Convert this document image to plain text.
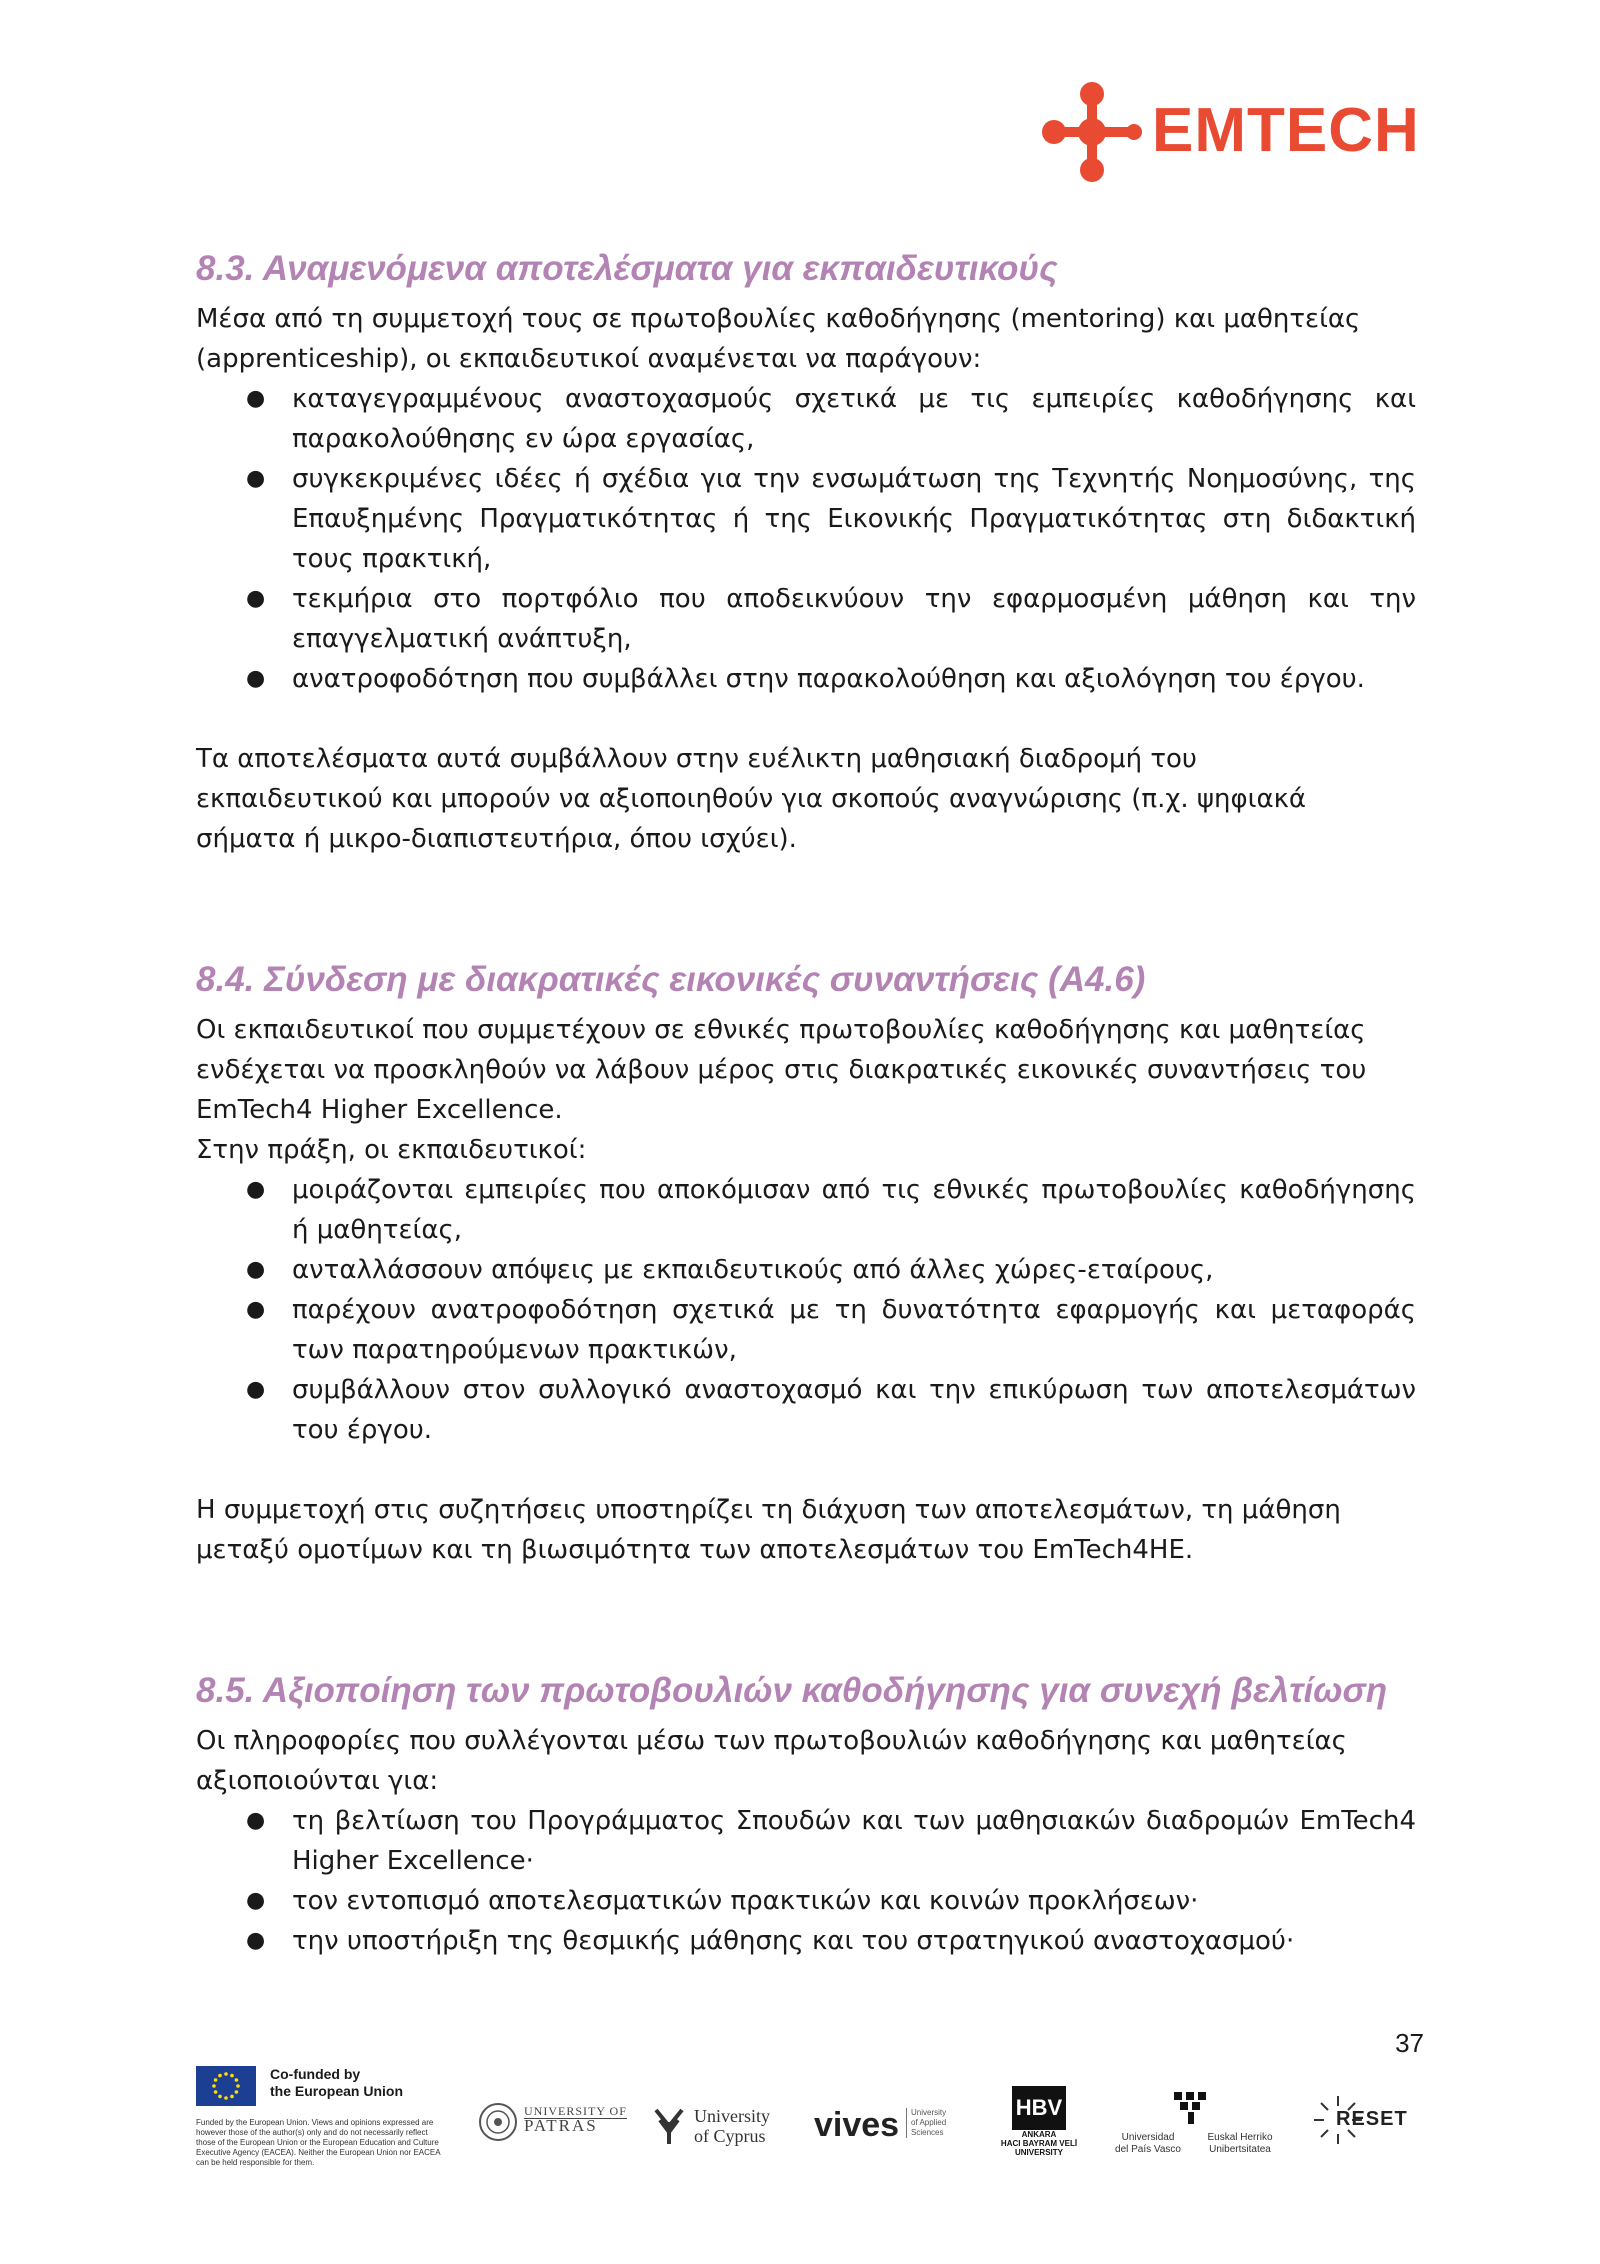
EMTECH
8.3. Αναμενόμενα αποτελέσματα για εκπαιδευτικούς

Μέσα από τη συμμετοχή τους σε πρωτοβουλίες καθοδήγησης (mentoring) και μαθητείας

(apprenticeship), οι εκπαιδευτικοί αναμένεται να παράγουν:

● καταγεγραμμένους αναστοχασμούς σχετικά με τις εμπειρίες καθοδήγησης και παρακολούθησης εν ώρα εργασίας,
● συγκεκριμένες ιδέες ή σχέδια για την ενσωμάτωση της Τεχνητής Νοημοσύνης, της Επαυξημένης Πραγματικότητας ή της Εικονικής Πραγματικότητας στη διδακτική τους πρακτική,
● τεκμήρια στο πορτφόλιο που αποδεικνύουν την εφαρμοσμένη μάθηση και την επαγγελματική ανάπτυξη,
● ανατροφοδότηση που συμβάλλει στην παρακολούθηση και αξιολόγηση του έργου.

Τα αποτελέσματα αυτά συμβάλλουν στην ευέλικτη μαθησιακή διαδρομή του

εκπαιδευτικού και μπορούν να αξιοποιηθούν για σκοπούς αναγνώρισης (π.χ. ψηφιακά

σήματα ή μικρο-διαπιστευτήρια, όπου ισχύει).

8.4. Σύνδεση με διακρατικές εικονικές συναντήσεις (Α4.6)

Οι εκπαιδευτικοί που συμμετέχουν σε εθνικές πρωτοβουλίες καθοδήγησης και μαθητείας

ενδέχεται να προσκληθούν να λάβουν μέρος στις διακρατικές εικονικές συναντήσεις του

EmTech4 Higher Excellence.

Στην πράξη, οι εκπαιδευτικοί:

● μοιράζονται εμπειρίες που αποκόμισαν από τις εθνικές πρωτοβουλίες καθοδήγησης ή μαθητείας,
● ανταλλάσσουν απόψεις με εκπαιδευτικούς από άλλες χώρες-εταίρους,
● παρέχουν ανατροφοδότηση σχετικά με τη δυνατότητα εφαρμογής και μεταφοράς των παρατηρούμενων πρακτικών,
● συμβάλλουν στον συλλογικό αναστοχασμό και την επικύρωση των αποτελεσμάτων του έργου.

Η συμμετοχή στις συζητήσεις υποστηρίζει τη διάχυση των αποτελεσμάτων, τη μάθηση

μεταξύ ομοτίμων και τη βιωσιμότητα των αποτελεσμάτων του EmTech4HE.

8.5. Αξιοποίηση των πρωτοβουλιών καθοδήγησης για συνεχή βελτίωση

Οι πληροφορίες που συλλέγονται μέσω των πρωτοβουλιών καθοδήγησης και μαθητείας

αξιοποιούνται για:

● τη βελτίωση του Προγράμματος Σπουδών και των μαθησιακών διαδρομών EmTech4 Higher Excellence·
● τον εντοπισμό αποτελεσματικών πρακτικών και κοινών προκλήσεων·
● την υποστήριξη της θεσμικής μάθησης και του στρατηγικού αναστοχασμού·
37
Co-funded by
the European Union
Funded by the European Union. Views and opinions expressed are however those of the author(s) only and do not necessarily reflect those of the European Union or the European Education and Culture Executive Agency (EACEA). Neither the European Union nor EACEA can be held responsible for them.
UNIVERSITY OF
PATRAS	University
of Cyprus vives University
of Applied
Sciences
HBV
ANKARA
HACI BAYRAM VELİ
UNIVERSITY
Universidad
del País Vasco
Euskal Herriko
Unibertsitatea
RESET
